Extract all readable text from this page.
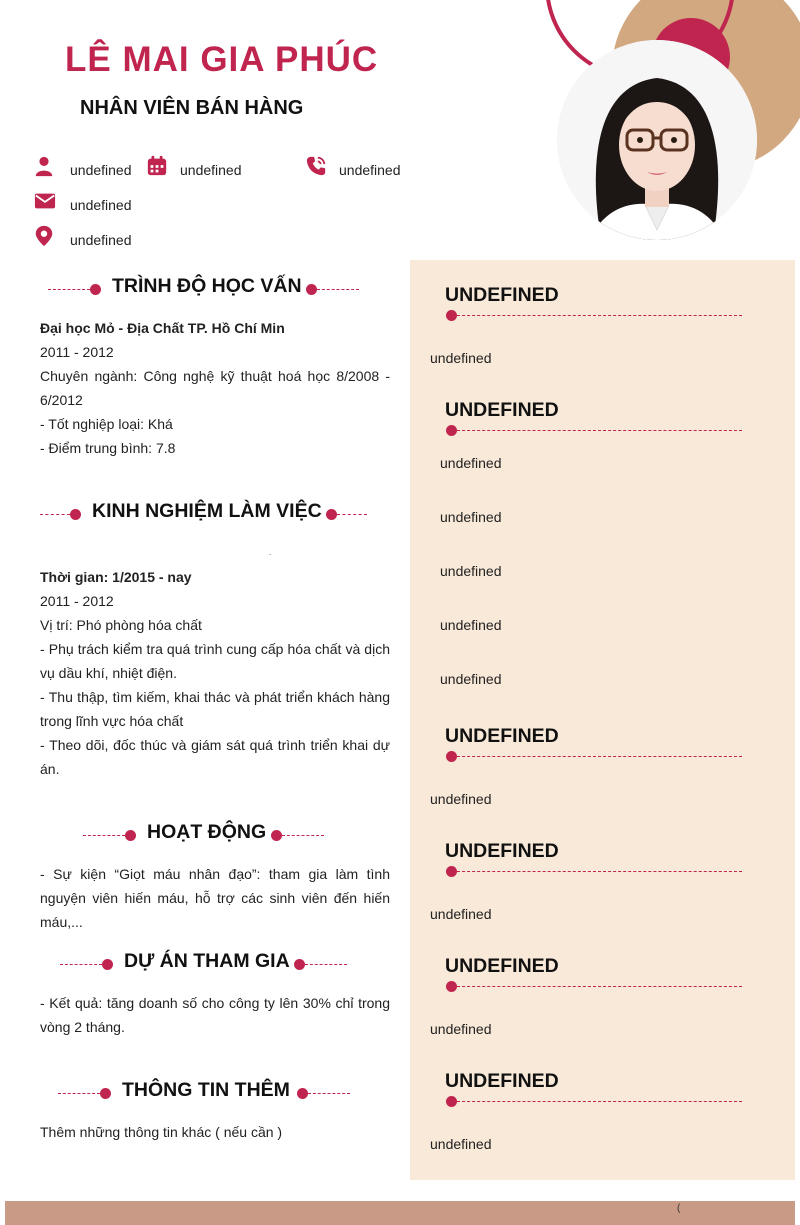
LÊ MAI GIA PHÚC
NHÂN VIÊN BÁN HÀNG
undefined	undefined	undefined
undefined
undefined
TRÌNH ĐỘ HỌC VẤN

Đại học Mỏ - Địa Chất TP. Hồ Chí Min

2011 - 2012

Chuyên ngành: Công nghệ kỹ thuật hoá học 8/2008 - 6/2012

- Tốt nghiệp loại: Khá

- Điểm trung bình: 7.8

KINH NGHIỆM LÀM VIỆC
.

Thời gian: 1/2015 - nay

2011 - 2012

Vị trí: Phó phòng hóa chất

- Phụ trách kiểm tra quá trình cung cấp hóa chất và dịch vụ dầu khí, nhiệt điện.

- Thu thập, tìm kiếm, khai thác và phát triển khách hàng trong lĩnh vực hóa chất

- Theo dõi, đốc thúc và giám sát quá trình triển khai dự án.

HOẠT ĐỘNG

- Sự kiện “Giọt máu nhân đạo”: tham gia làm tình nguyện viên hiến máu, hỗ trợ các sinh viên đến hiến máu,...

DỰ ÁN THAM GIA

- Kết quả: tăng doanh số cho công ty lên 30% chỉ trong vòng 2 tháng.

THÔNG TIN THÊM

Thêm những thông tin khác ( nếu cần )

UNDEFINED
undefined
UNDEFINED
undefined
undefined
undefined
undefined
undefined
UNDEFINED
undefined
UNDEFINED
undefined
UNDEFINED
undefined
UNDEFINED
undefined
(
